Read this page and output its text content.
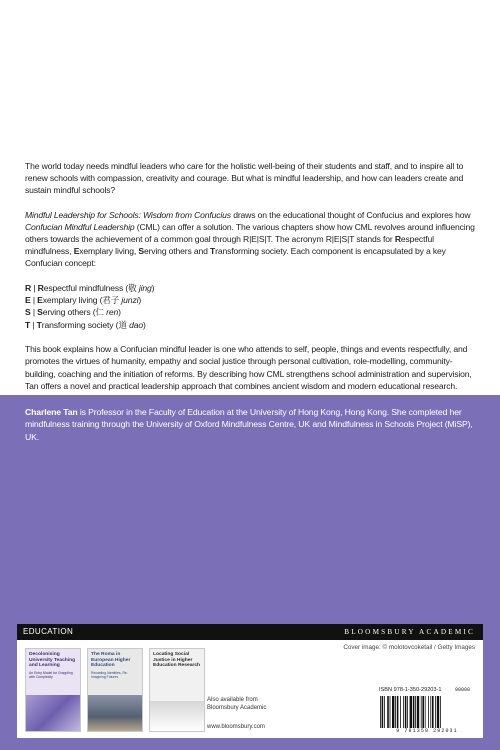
The world today needs mindful leaders who care for the holistic well-being of their students and staff, and to inspire all to renew schools with compassion, creativity and courage. But what is mindful leadership, and how can leaders create and sustain mindful schools?

Mindful Leadership for Schools: Wisdom from Confucius draws on the educational thought of Confucius and explores how Confucian Mindful Leadership (CML) can offer a solution. The various chapters show how CML revolves around influencing others towards the achievement of a common goal through R|E|S|T. The acronym R|E|S|T stands for Respectful mindfulness, Exemplary living, Serving others and Transforming society. Each component is encapsulated by a key Confucian concept:

R | Respectful mindfulness (敬 jing)
E | Exemplary living (君子 junzi)
S | Serving others (仁 ren)
T | Transforming society (道 dao)

This book explains how a Confucian mindful leader is one who attends to self, people, things and events respectfully, and promotes the virtues of humanity, empathy and social justice through personal cultivation, role-modelling, community-building, coaching and the initiation of reforms. By describing how CML strengthens school administration and supervision, Tan offers a novel and practical leadership approach that combines ancient wisdom and modern educational research.

Charlene Tan is Professor in the Faculty of Education at the University of Hong Kong, Hong Kong. She completed her mindfulness training through the University of Oxford Mindfulness Centre, UK and Mindfulness in Schools Project (MiSP), UK.
EDUCATION	BLOOMSBURY ACADEMIC
Decolonising University Teaching and Learning
An Entry Model for Grappling with Complexity
The Roma in European Higher Education
Recasting Identities, Re-Imagining Futures
Locating Social Justice in Higher Education Research
Also available from
Bloomsbury Academic
www.bloomsbury.com
Cover image: © molotovcoketail / Getty Images
ISBN 978-1-350-29203-1	90000
9 781350 292031
